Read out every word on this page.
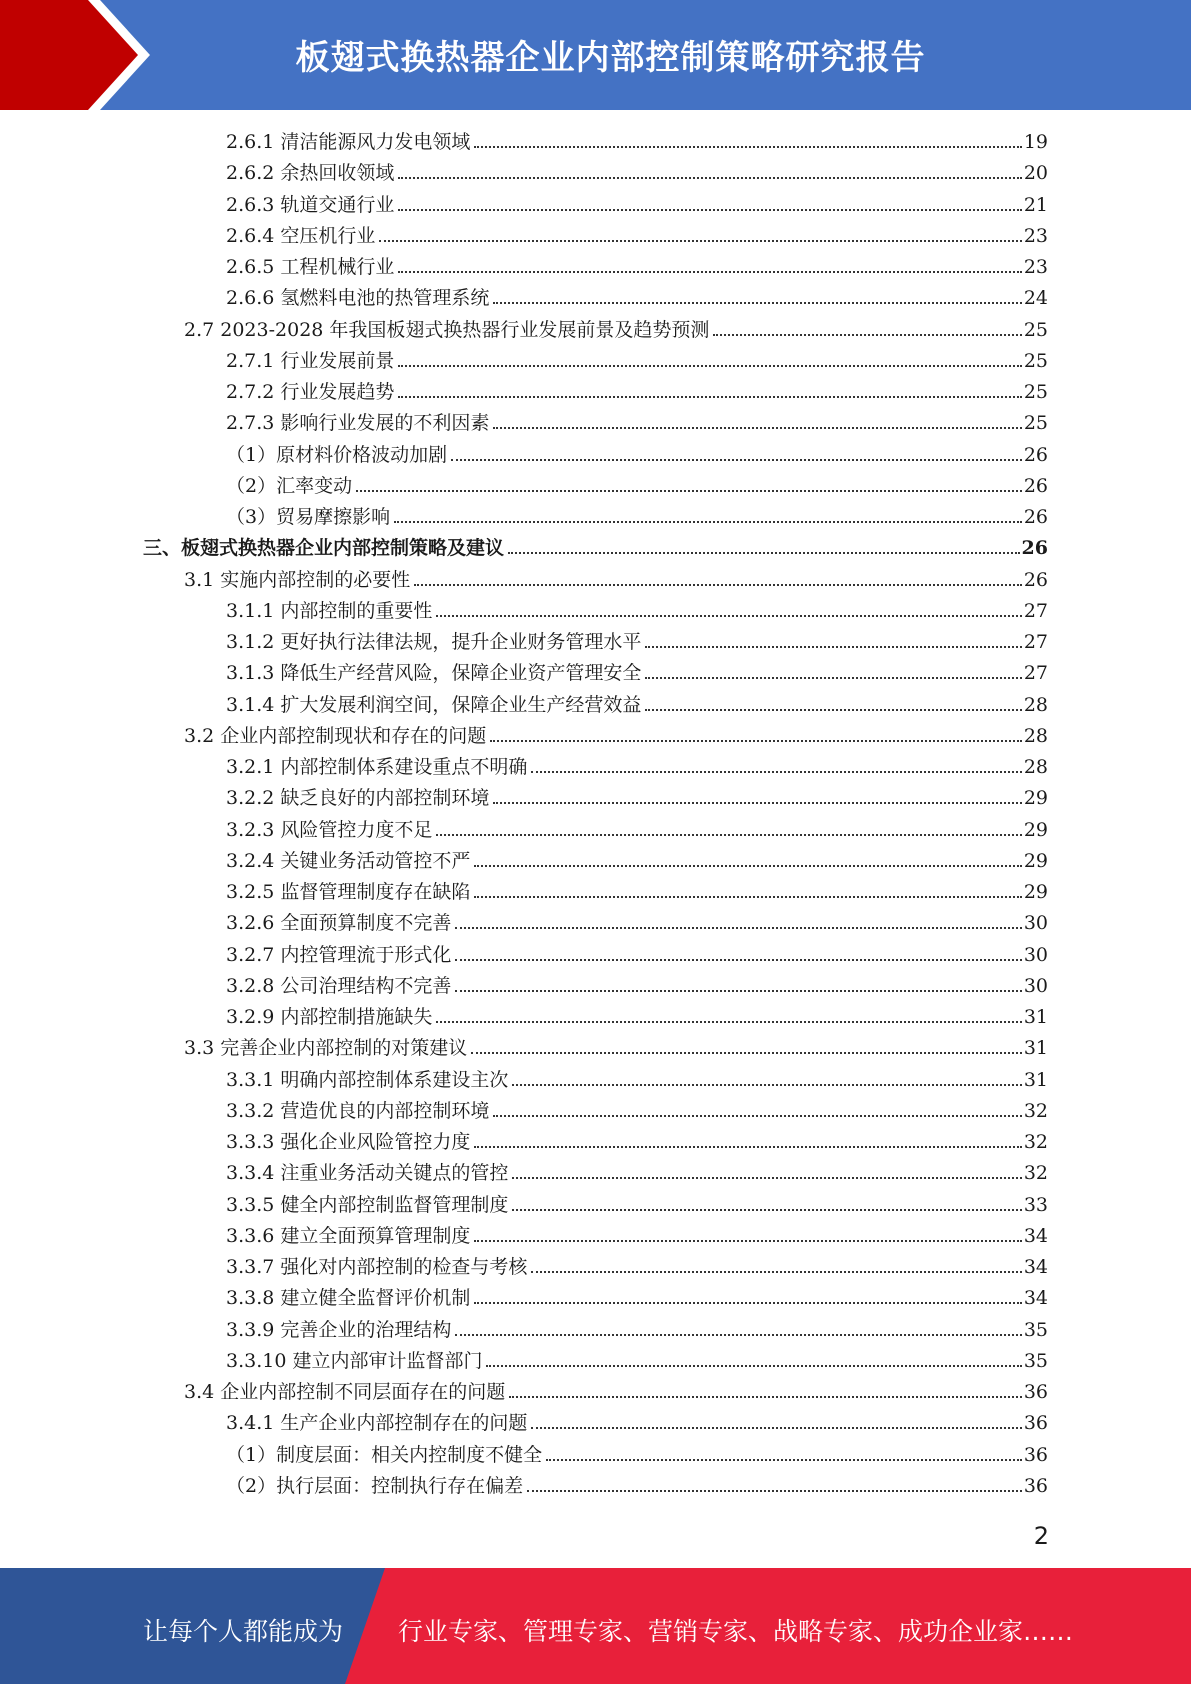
板翅式换热器企业内部控制策略研究报告
2.6.1 清洁能源风力发电领域	19
2.6.2 余热回收领域	20
2.6.3 轨道交通行业	21
2.6.4 空压机行业	23
2.6.5 工程机械行业	23
2.6.6 氢燃料电池的热管理系统	24
2.7 2023-2028 年我国板翅式换热器行业发展前景及趋势预测	25
2.7.1 行业发展前景	25
2.7.2 行业发展趋势	25
2.7.3 影响行业发展的不利因素	25
（1）原材料价格波动加剧	26
（2）汇率变动	26
（3）贸易摩擦影响	26
三、板翅式换热器企业内部控制策略及建议	26
3.1 实施内部控制的必要性	26
3.1.1 内部控制的重要性	27
3.1.2 更好执行法律法规，提升企业财务管理水平	27
3.1.3 降低生产经营风险，保障企业资产管理安全	27
3.1.4 扩大发展利润空间，保障企业生产经营效益	28
3.2 企业内部控制现状和存在的问题	28
3.2.1 内部控制体系建设重点不明确	28
3.2.2 缺乏良好的内部控制环境	29
3.2.3 风险管控力度不足	29
3.2.4 关键业务活动管控不严	29
3.2.5 监督管理制度存在缺陷	29
3.2.6 全面预算制度不完善	30
3.2.7 内控管理流于形式化	30
3.2.8 公司治理结构不完善	30
3.2.9 内部控制措施缺失	31
3.3 完善企业内部控制的对策建议	31
3.3.1 明确内部控制体系建设主次	31
3.3.2 营造优良的内部控制环境	32
3.3.3 强化企业风险管控力度	32
3.3.4 注重业务活动关键点的管控	32
3.3.5 健全内部控制监督管理制度	33
3.3.6 建立全面预算管理制度	34
3.3.7 强化对内部控制的检查与考核	34
3.3.8 建立健全监督评价机制	34
3.3.9 完善企业的治理结构	35
3.3.10 建立内部审计监督部门	35
3.4 企业内部控制不同层面存在的问题	36
3.4.1 生产企业内部控制存在的问题	36
（1）制度层面：相关内控制度不健全	36
（2）执行层面：控制执行存在偏差	36
2
让每个人都能成为 行业专家、管理专家、营销专家、战略专家、成功企业家……
